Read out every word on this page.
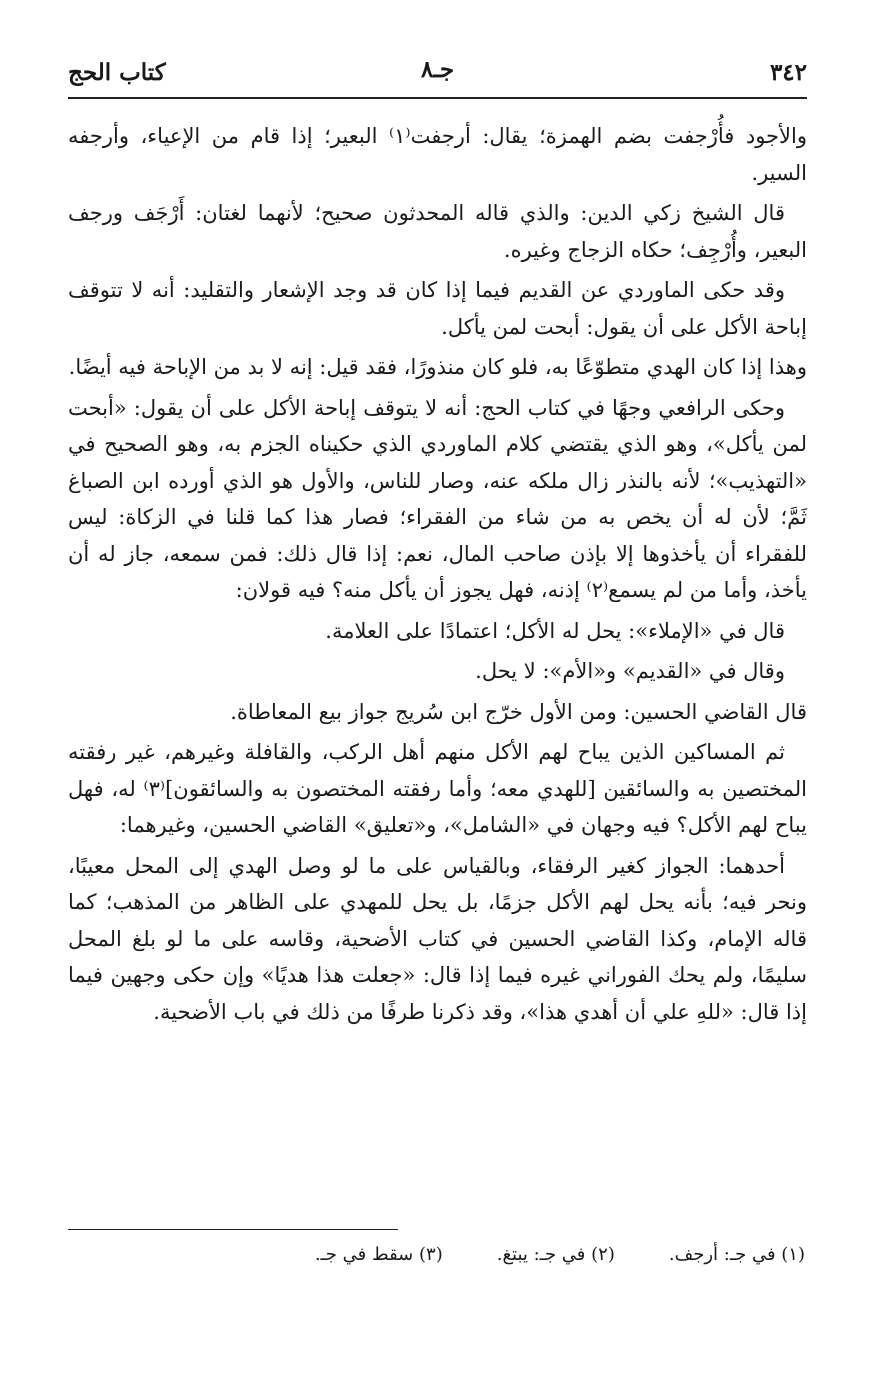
٣٤٢
جـ٨
كتاب الحج

والأجود فأُرْجفت بضم الهمزة؛ يقال: أرجفت⁽١⁾ البعير؛ إذا قام من الإعياء، وأرجفه السير.

قال الشيخ زكي الدين: والذي قاله المحدثون صحيح؛ لأنهما لغتان: أَرْجَف ورجف البعير، وأُرْجِف؛ حكاه الزجاج وغيره.

وقد حكى الماوردي عن القديم فيما إذا كان قد وجد الإشعار والتقليد: أنه لا تتوقف إباحة الأكل على أن يقول: أبحت لمن يأكل.

وهذا إذا كان الهدي متطوّعًا به، فلو كان منذورًا، فقد قيل: إنه لا بد من الإباحة فيه أيضًا.

وحكى الرافعي وجهًا في كتاب الحج: أنه لا يتوقف إباحة الأكل على أن يقول: «أبحت لمن يأكل»، وهو الذي يقتضي كلام الماوردي الذي حكيناه الجزم به، وهو الصحيح في «التهذيب»؛ لأنه بالنذر زال ملكه عنه، وصار للناس، والأول هو الذي أورده ابن الصباغ ثَمَّ؛ لأن له أن يخص به من شاء من الفقراء؛ فصار هذا كما قلنا في الزكاة: ليس للفقراء أن يأخذوها إلا بإذن صاحب المال، نعم: إذا قال ذلك: فمن سمعه، جاز له أن يأخذ، وأما من لم يسمع⁽٢⁾ إذنه، فهل يجوز أن يأكل منه؟ فيه قولان:

قال في «الإملاء»: يحل له الأكل؛ اعتمادًا على العلامة.

وقال في «القديم» و«الأم»: لا يحل.

قال القاضي الحسين: ومن الأول خرّج ابن سُريج جواز بيع المعاطاة.

ثم المساكين الذين يباح لهم الأكل منهم أهل الركب، والقافلة وغيرهم، غير رفقته المختصين به والسائقين [للهدي معه؛ وأما رفقته المختصون به والسائقون]⁽٣⁾ له، فهل يباح لهم الأكل؟ فيه وجهان في «الشامل»، و«تعليق» القاضي الحسين، وغيرهما:

أحدهما: الجواز كغير الرفقاء، وبالقياس على ما لو وصل الهدي إلى المحل معيبًا، ونحر فيه؛ بأنه يحل لهم الأكل جزمًا، بل يحل للمهدي على الظاهر من المذهب؛ كما قاله الإمام، وكذا القاضي الحسين في كتاب الأضحية، وقاسه على ما لو بلغ المحل سليمًا، ولم يحك الفوراني غيره فيما إذا قال: «جعلت هذا هديًا» وإن حكى وجهين فيما إذا قال: «للهِ علي أن أهدي هذا»، وقد ذكرنا طرفًا من ذلك في باب الأضحية.

(١) في جـ: أرجف.
(٢) في جـ: يبتغ.
(٣) سقط في جـ.
